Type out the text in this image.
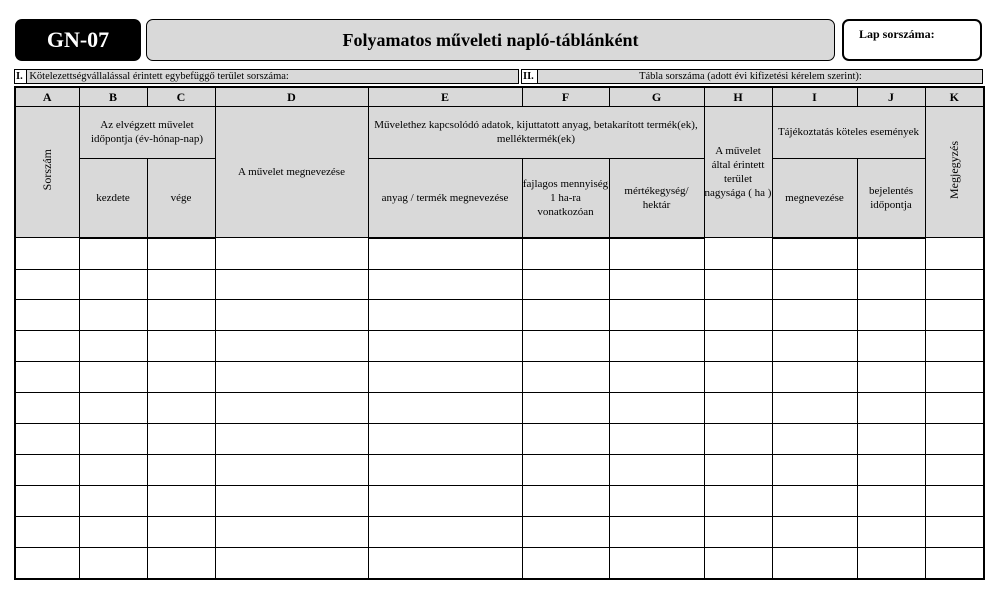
GN-07	Folyamatos műveleti napló-táblánként	Lap sorszáma:
I. Kötelezettségvállalással érintett egybefüggő terület sorszáma:	II.	Tábla sorszáma (adott évi kifizetési kérelem szerint):
A	B	C	D	E	F	G	H	I	J	K
Sorszám	Az elvégzett művelet időpontja (év-hónap-nap)		A művelet megnevezése	Művelethez kapcsolódó adatok, kijuttatott anyag, betakarított termék(ek), melléktermék(ek)			A művelet által érintett terület nagysága ( ha )	Tájékoztatás köteles események		Megjegyzés
	kezdete	vége		anyag / termék megnevezése	fajlagos mennyiség 1 ha-ra vonatkozóan	mértékegység/ hektár		megnevezése	bejelentés időpontja	
